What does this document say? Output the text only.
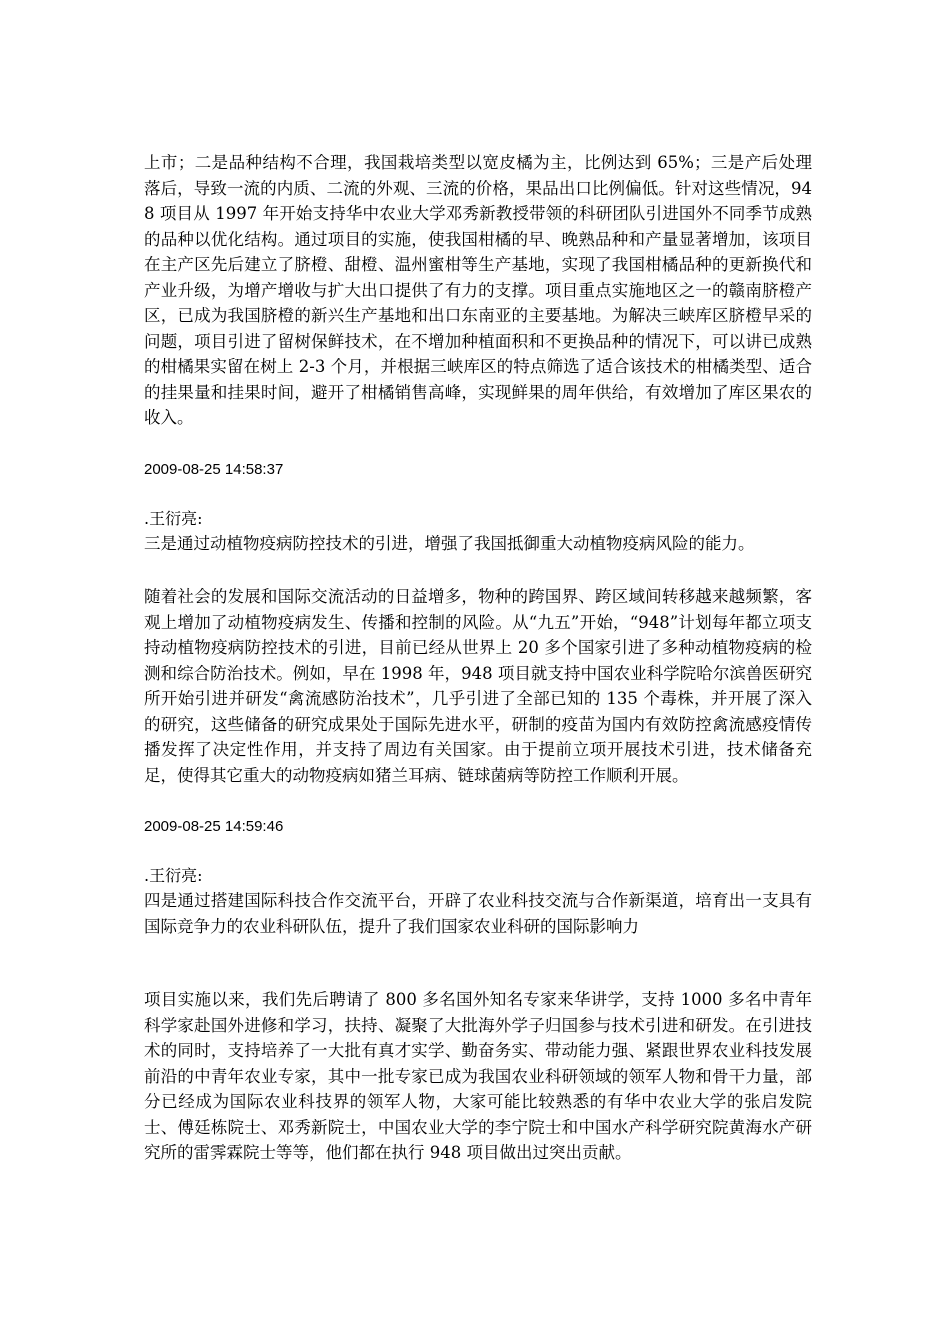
上市；二是品种结构不合理，我国栽培类型以宽皮橘为主，比例达到 65%；三是产后处理落后，导致一流的内质、二流的外观、三流的价格，果品出口比例偏低。针对这些情况，948 项目从 1997 年开始支持华中农业大学邓秀新教授带领的科研团队引进国外不同季节成熟的品种以优化结构。通过项目的实施，使我国柑橘的早、晚熟品种和产量显著增加，该项目在主产区先后建立了脐橙、甜橙、温州蜜柑等生产基地，实现了我国柑橘品种的更新换代和产业升级，为增产增收与扩大出口提供了有力的支撑。项目重点实施地区之一的赣南脐橙产区，已成为我国脐橙的新兴生产基地和出口东南亚的主要基地。为解决三峡库区脐橙早采的问题，项目引进了留树保鲜技术，在不增加种植面积和不更换品种的情况下，可以讲已成熟的柑橘果实留在树上 2-3 个月，并根据三峡库区的特点筛选了适合该技术的柑橘类型、适合的挂果量和挂果时间，避开了柑橘销售高峰，实现鲜果的周年供给，有效增加了库区果农的收入。

2009-08-25 14:58:37

.王衍亮:

三是通过动植物疫病防控技术的引进，增强了我国抵御重大动植物疫病风险的能力。

随着社会的发展和国际交流活动的日益增多，物种的跨国界、跨区域间转移越来越频繁，客观上增加了动植物疫病发生、传播和控制的风险。从“九五”开始，“948”计划每年都立项支持动植物疫病防控技术的引进，目前已经从世界上 20 多个国家引进了多种动植物疫病的检测和综合防治技术。例如，早在 1998 年，948 项目就支持中国农业科学院哈尔滨兽医研究所开始引进并研发“禽流感防治技术”，几乎引进了全部已知的 135 个毒株，并开展了深入的研究，这些储备的研究成果处于国际先进水平，研制的疫苗为国内有效防控禽流感疫情传播发挥了决定性作用，并支持了周边有关国家。由于提前立项开展技术引进，技术储备充足，使得其它重大的动物疫病如猪兰耳病、链球菌病等防控工作顺利开展。

2009-08-25 14:59:46

.王衍亮:

四是通过搭建国际科技合作交流平台，开辟了农业科技交流与合作新渠道，培育出一支具有国际竞争力的农业科研队伍，提升了我们国家农业科研的国际影响力

项目实施以来，我们先后聘请了 800 多名国外知名专家来华讲学，支持 1000 多名中青年科学家赴国外进修和学习，扶持、凝聚了大批海外学子归国参与技术引进和研发。在引进技术的同时，支持培养了一大批有真才实学、勤奋务实、带动能力强、紧跟世界农业科技发展前沿的中青年农业专家，其中一批专家已成为我国农业科研领域的领军人物和骨干力量，部分已经成为国际农业科技界的领军人物，大家可能比较熟悉的有华中农业大学的张启发院士、傅廷栋院士、邓秀新院士，中国农业大学的李宁院士和中国水产科学研究院黄海水产研究所的雷霁霖院士等等，他们都在执行 948 项目做出过突出贡献。
